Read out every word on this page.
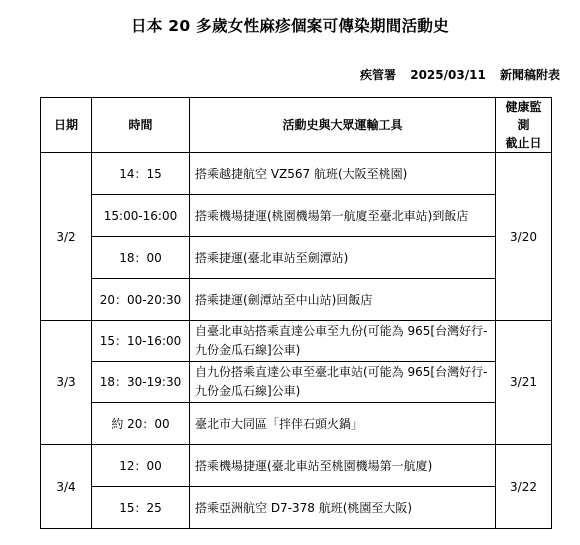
日本 20 多歲女性麻疹個案可傳染期間活動史
疾管署 2025/03/11 新聞稿附表
日期	時間	活動史與大眾運輸工具	健康監測
截止日

3/2	14：15	搭乘越捷航空 VZ567 航班(大阪至桃園)	3/20
	15:00-16:00	搭乘機場捷運(桃園機場第一航廈至臺北車站)到飯店	

	18：00	搭乘捷運(臺北車站至劍潭站)	

	20：00-20:30	搭乘捷運(劍潭站至中山站)回飯店	

3/3	15：10-16:00	自臺北車站搭乘直達公車至九份(可能為 965[台灣好行-
九份金瓜石線]公車)	3/21
	18：30-19:30	自九份搭乘直達公車至臺北車站(可能為 965[台灣好行-
九份金瓜石線]公車)	

	約 20：00	臺北市大同區「拌伴石頭火鍋」	

3/4	12：00	搭乘機場捷運(臺北車站至桃園機場第一航廈)	3/22
	15：25	搭乘亞洲航空 D7-378 航班(桃園至大阪)	
